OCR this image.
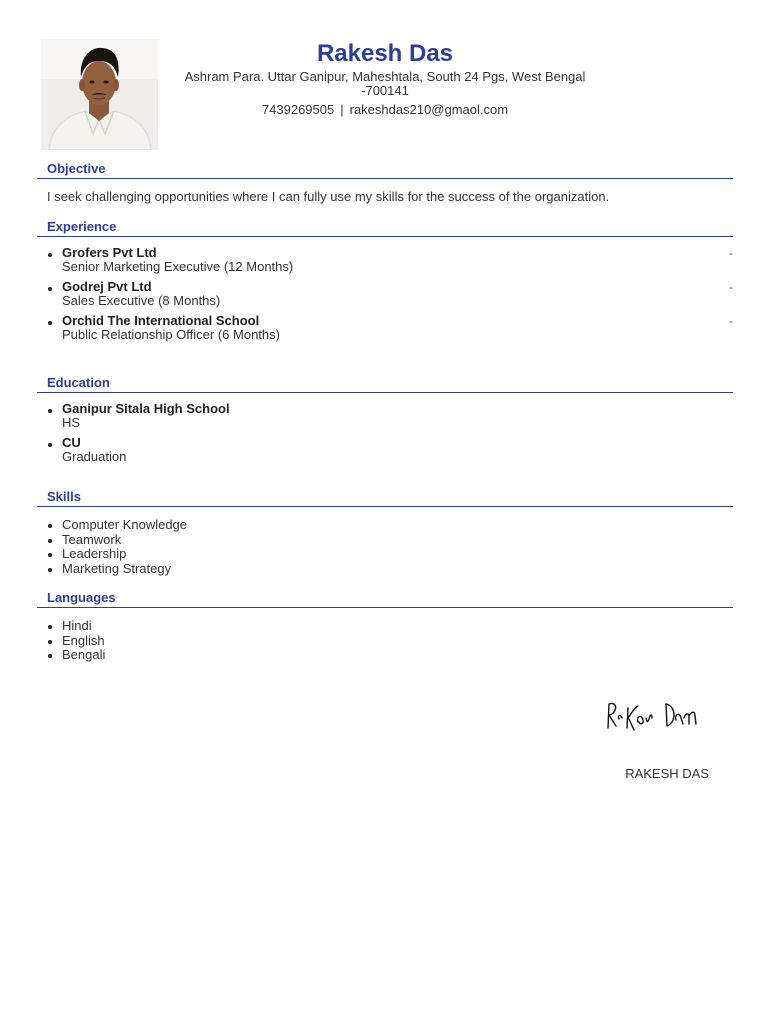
Rakesh Das
Ashram Para. Uttar Ganipur, Maheshtala, South 24 Pgs, West Bengal -700141
7439269505 | rakeshdas210@gmaol.com
Objective
I seek challenging opportunities where I can fully use my skills for the success of the organization.
Experience
Grofers Pvt Ltd
Senior Marketing Executive (12 Months)
-
Godrej Pvt Ltd
Sales Executive (8 Months)
-
Orchid The International School
Public Relationship Officer (6 Months)
-
Education
Ganipur Sitala High School
HS
CU
Graduation
Skills
Computer Knowledge
Teamwork
Leadership
Marketing Strategy
Languages
Hindi
English
Bengali
RAKESH DAS
